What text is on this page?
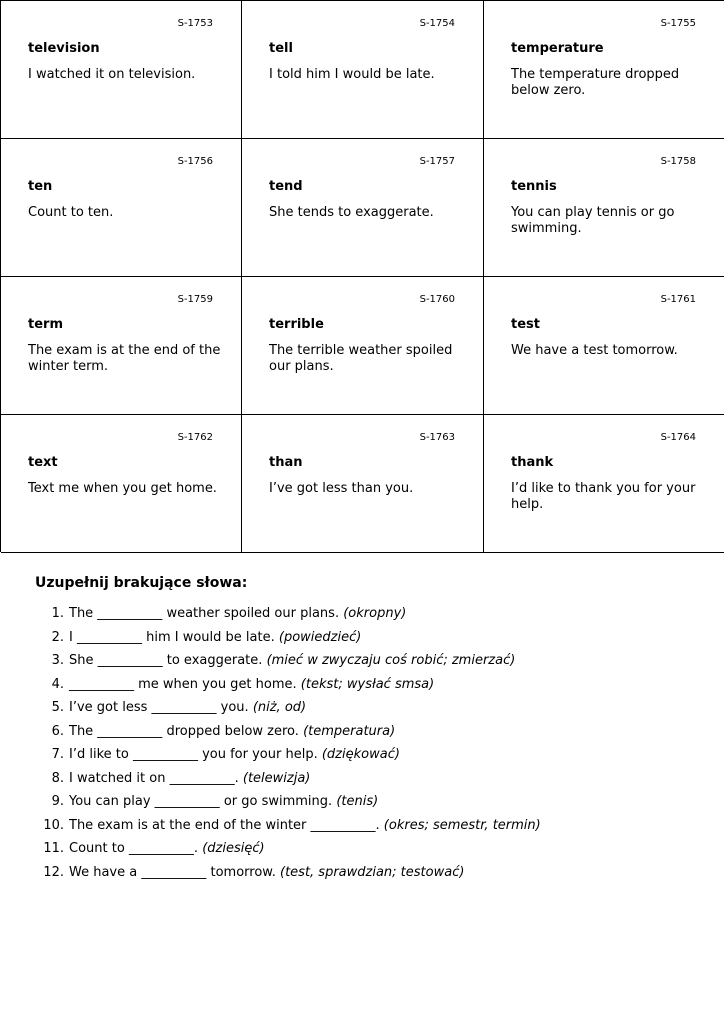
S-1753
television
I watched it on television.
S-1754
tell
I told him I would be late.
S-1755
temperature
The temperature dropped below zero.
S-1756
ten
Count to ten.
S-1757
tend
She tends to exaggerate.
S-1758
tennis
You can play tennis or go swimming.
S-1759
term
The exam is at the end of the winter term.
S-1760
terrible
The terrible weather spoiled our plans.
S-1761
test
We have a test tomorrow.
S-1762
text
Text me when you get home.
S-1763
than
I’ve got less than you.
S-1764
thank
I’d like to thank you for your help.
Uzupełnij brakujące słowa:
1. The __________ weather spoiled our plans. (okropny)
2. I __________ him I would be late. (powiedzieć)
3. She __________ to exaggerate. (mieć w zwyczaju coś robić; zmierzać)
4. __________ me when you get home. (tekst; wysłać smsa)
5. I’ve got less __________ you. (niż, od)
6. The __________ dropped below zero. (temperatura)
7. I’d like to __________ you for your help. (dziękować)
8. I watched it on __________. (telewizja)
9. You can play __________ or go swimming. (tenis)
10. The exam is at the end of the winter __________. (okres; semestr, termin)
11. Count to __________. (dziesięć)
12. We have a __________ tomorrow. (test, sprawdzian; testować)
